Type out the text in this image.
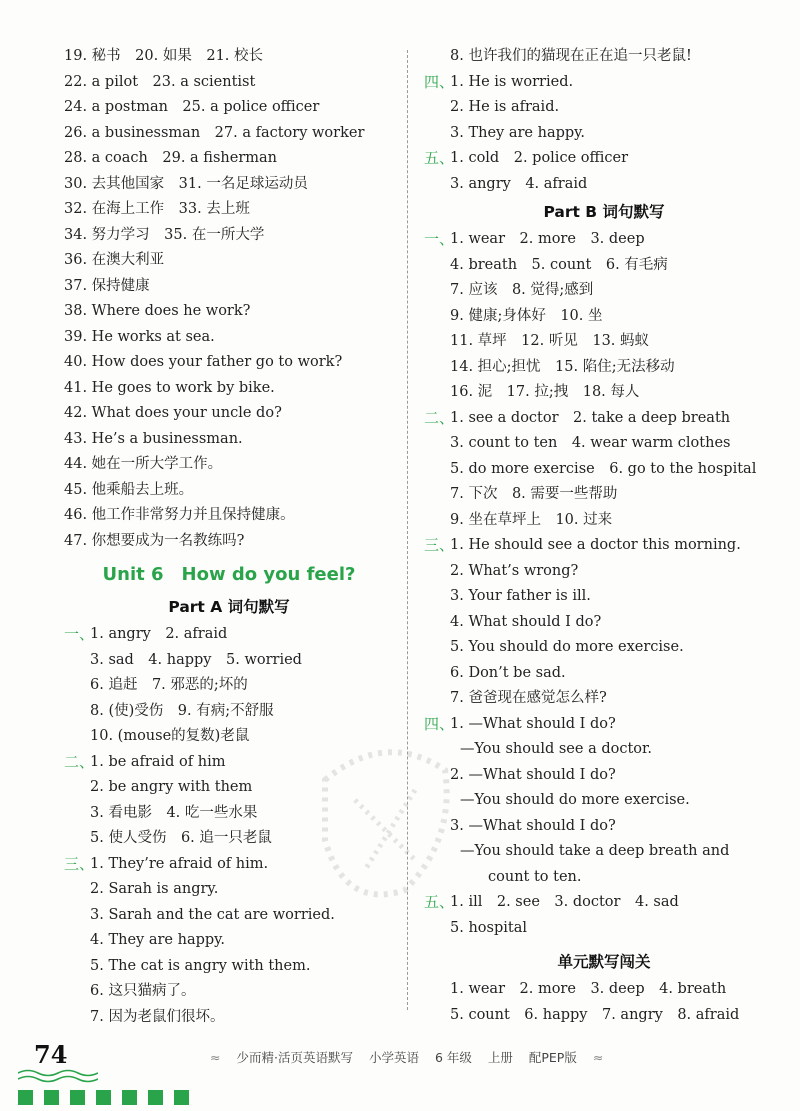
19. 秘书　20. 如果　21. 校长
22. a pilot　23. a scientist
24. a postman　25. a police officer
26. a businessman　27. a factory worker
28. a coach　29. a fisherman
30. 去其他国家　31. 一名足球运动员
32. 在海上工作　33. 去上班
34. 努力学习　35. 在一所大学
36. 在澳大利亚
37. 保持健康
38. Where does he work?
39. He works at sea.
40. How does your father go to work?
41. He goes to work by bike.
42. What does your uncle do?
43. He’s a businessman.
44. 她在一所大学工作。
45. 他乘船去上班。
46. 他工作非常努力并且保持健康。
47. 你想要成为一名教练吗?
Unit 6　How do you feel?
Part A 词句默写
一、
1. angry　2. afraid
3. sad　4. happy　5. worried
6. 追赶　7. 邪恶的;坏的
8. (使)受伤　9. 有病;不舒服
10. (mouse的复数)老鼠
二、
1. be afraid of him
2. be angry with them
3. 看电影　4. 吃一些水果
5. 使人受伤　6. 追一只老鼠
三、
1. They’re afraid of him.
2. Sarah is angry.
3. Sarah and the cat are worried.
4. They are happy.
5. The cat is angry with them.
6. 这只猫病了。
7. 因为老鼠们很坏。
8. 也许我们的猫现在正在追一只老鼠!
四、
1. He is worried.
2. He is afraid.
3. They are happy.
五、
1. cold　2. police officer
3. angry　4. afraid
Part B 词句默写
一、
1. wear　2. more　3. deep
4. breath　5. count　6. 有毛病
7. 应该　8. 觉得;感到
9. 健康;身体好　10. 坐
11. 草坪　12. 听见　13. 蚂蚁
14. 担心;担忧　15. 陷住;无法移动
16. 泥　17. 拉;拽　18. 每人
二、
1. see a doctor　2. take a deep breath
3. count to ten　4. wear warm clothes
5. do more exercise　6. go to the hospital
7. 下次　8. 需要一些帮助
9. 坐在草坪上　10. 过来
三、
1. He should see a doctor this morning.
2. What’s wrong?
3. Your father is ill.
4. What should I do?
5. You should do more exercise.
6. Don’t be sad.
7. 爸爸现在感觉怎么样?
四、
1. —What should I do?
—You should see a doctor.
2. —What should I do?
—You should do more exercise.
3. —What should I do?
—You should take a deep breath and
count to ten.
五、
1. ill　2. see　3. doctor　4. sad
5. hospital
单元默写闯关
1. wear　2. more　3. deep　4. breath
5. count　6. happy　7. angry　8. afraid
74	≈ 少而精·活页英语默写 小学英语 6 年级 上册 配PEP版 ≈
